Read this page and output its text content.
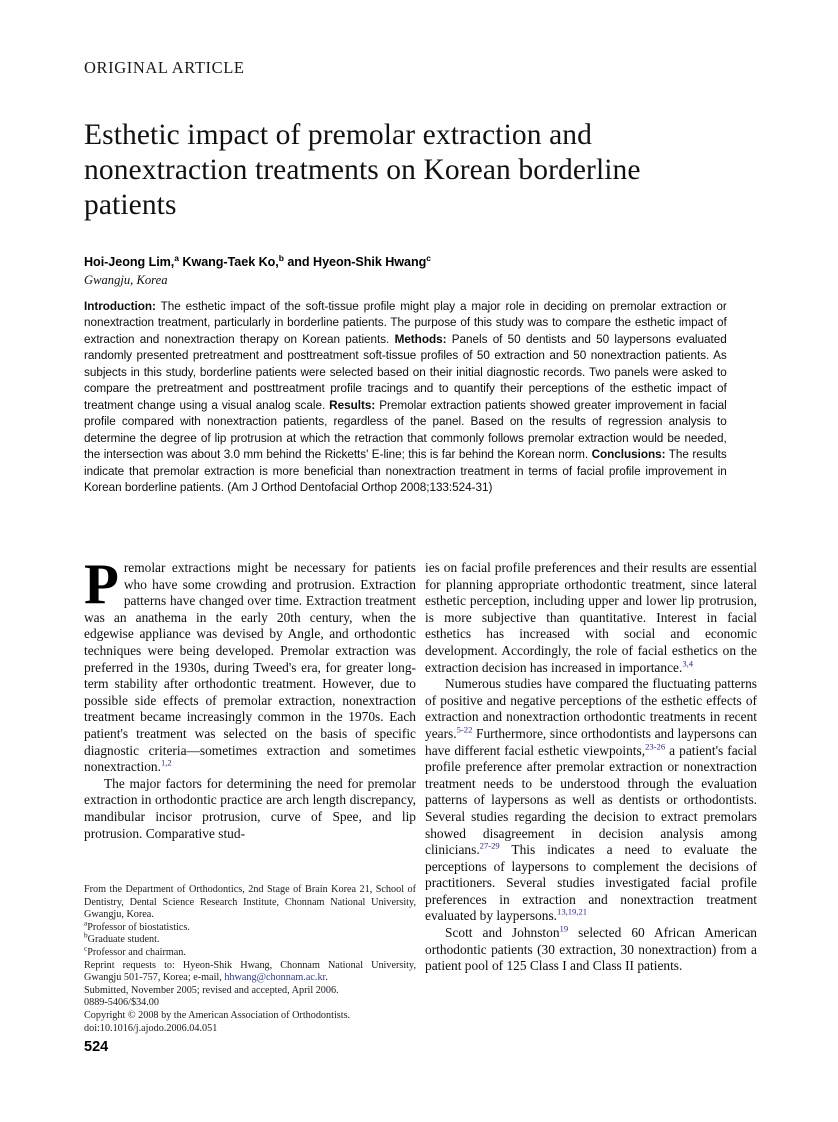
ORIGINAL ARTICLE
Esthetic impact of premolar extraction and nonextraction treatments on Korean borderline patients
Hoi-Jeong Lim,$^a$ Kwang-Taek Ko,$^b$ and Hyeon-Shik Hwang$^c$
Gwangju, Korea
Introduction: The esthetic impact of the soft-tissue profile might play a major role in deciding on premolar extraction or nonextraction treatment, particularly in borderline patients. The purpose of this study was to compare the esthetic impact of extraction and nonextraction therapy on Korean patients. Methods: Panels of 50 dentists and 50 laypersons evaluated randomly presented pretreatment and posttreatment soft-tissue profiles of 50 extraction and 50 nonextraction patients. As subjects in this study, borderline patients were selected based on their initial diagnostic records. Two panels were asked to compare the pretreatment and posttreatment profile tracings and to quantify their perceptions of the esthetic impact of treatment change using a visual analog scale. Results: Premolar extraction patients showed greater improvement in facial profile compared with nonextraction patients, regardless of the panel. Based on the results of regression analysis to determine the degree of lip protrusion at which the retraction that commonly follows premolar extraction would be needed, the intersection was about 3.0 mm behind the Ricketts' E-line; this is far behind the Korean norm. Conclusions: The results indicate that premolar extraction is more beneficial than nonextraction treatment in terms of facial profile improvement in Korean borderline patients. (Am J Orthod Dentofacial Orthop 2008;133:524-31)

Premolar extractions might be necessary for patients who have some crowding and protrusion. Extraction patterns have changed over time. Extraction treatment was an anathema in the early 20th century, when the edgewise appliance was devised by Angle, and orthodontic techniques were being developed. Premolar extraction was preferred in the 1930s, during Tweed's era, for greater long-term stability after orthodontic treatment. However, due to possible side effects of premolar extraction, nonextraction treatment became increasingly common in the 1970s. Each patient's treatment was selected on the basis of specific diagnostic criteria—sometimes extraction and sometimes nonextraction.$^{1,2}$

The major factors for determining the need for premolar extraction in orthodontic practice are arch length discrepancy, mandibular incisor protrusion, curve of Spee, and lip protrusion. Comparative stud-

ies on facial profile preferences and their results are essential for planning appropriate orthodontic treatment, since lateral esthetic perception, including upper and lower lip protrusion, is more subjective than quantitative. Interest in facial esthetics has increased with social and economic development. Accordingly, the role of facial esthetics on the extraction decision has increased in importance.$^{3,4}$

Numerous studies have compared the fluctuating patterns of positive and negative perceptions of the esthetic effects of extraction and nonextraction orthodontic treatments in recent years.$^{5-22}$ Furthermore, since orthodontists and laypersons can have different facial esthetic viewpoints,$^{23-26}$ a patient's facial profile preference after premolar extraction or nonextraction treatment needs to be understood through the evaluation patterns of laypersons as well as dentists or orthodontists. Several studies regarding the decision to extract premolars showed disagreement in decision analysis among clinicians.$^{27-29}$ This indicates a need to evaluate the perceptions of laypersons to complement the decisions of practitioners. Several studies investigated facial profile preferences in extraction and nonextraction treatment evaluated by laypersons.$^{13,19,21}$

Scott and Johnston$^{19}$ selected 60 African American orthodontic patients (30 extraction, 30 nonextraction) from a patient pool of 125 Class I and Class II patients.

From the Department of Orthodontics, 2nd Stage of Brain Korea 21, School of Dentistry, Dental Science Research Institute, Chonnam National University, Gwangju, Korea.

$^a$Professor of biostatistics.

$^b$Graduate student.

$^c$Professor and chairman.

Reprint requests to: Hyeon-Shik Hwang, Chonnam National University, Gwangju 501-757, Korea; e-mail, hhwang@chonnam.ac.kr.

Submitted, November 2005; revised and accepted, April 2006.

0889-5406/$34.00

Copyright © 2008 by the American Association of Orthodontists.

doi:10.1016/j.ajodo.2006.04.051

524
